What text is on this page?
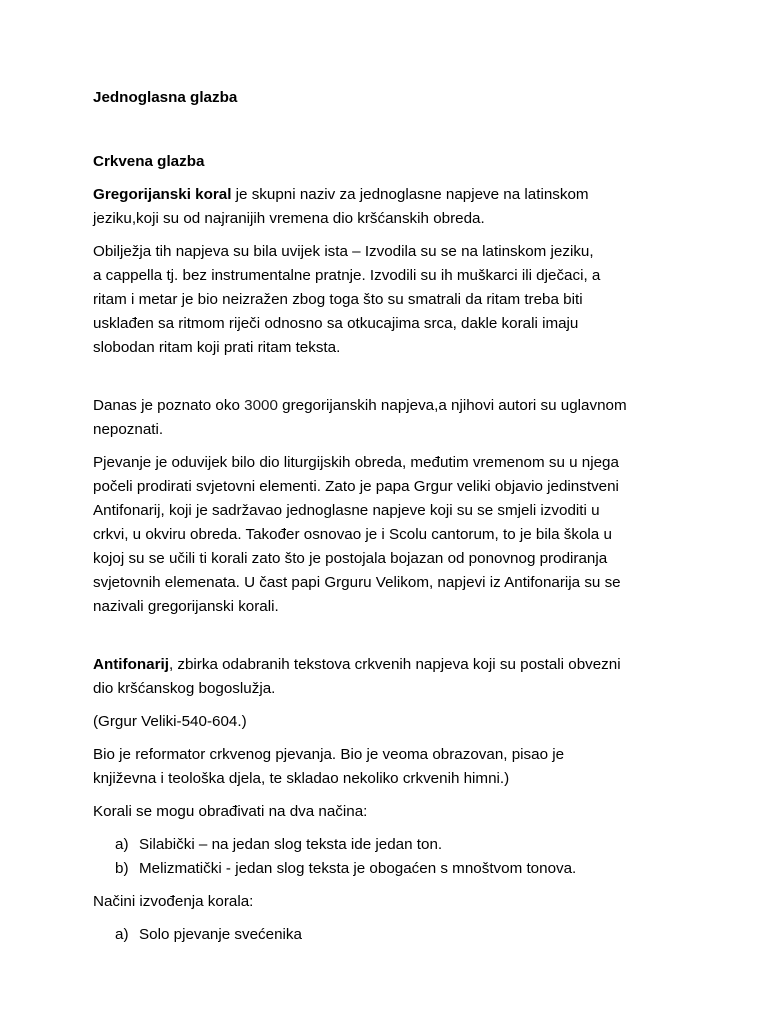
Jednoglasna glazba

Crkvena glazba

Gregorijanski koral je skupni naziv za jednoglasne napjeve na latinskom
jeziku,koji su od najranijih vremena dio kršćanskih obreda.

Obilježja tih napjeva su bila uvijek ista – Izvodila su se na latinskom jeziku,
a cappella tj. bez instrumentalne pratnje. Izvodili su ih muškarci ili dječaci, a
ritam i metar je bio neizražen zbog toga što su smatrali da ritam treba biti
usklađen sa ritmom riječi odnosno sa otkucajima srca, dakle korali imaju
slobodan ritam koji prati ritam teksta.

Danas je poznato oko 3000 gregorijanskih napjeva,a njihovi autori su uglavnom
nepoznati.

Pjevanje je oduvijek bilo dio liturgijskih obreda, međutim vremenom su u njega
počeli prodirati svjetovni elementi. Zato je papa Grgur veliki objavio jedinstveni
Antifonarij, koji je sadržavao jednoglasne napjeve koji su se smjeli izvoditi u
crkvi, u okviru obreda. Također osnovao je i Scolu cantorum, to je bila škola u
kojoj su se učili ti korali zato što je postojala bojazan od ponovnog prodiranja
svjetovnih elemenata. U čast papi Grguru Velikom, napjevi iz Antifonarija su se
nazivali gregorijanski korali.

Antifonarij, zbirka odabranih tekstova crkvenih napjeva koji su postali obvezni
dio kršćanskog bogoslužja.

(Grgur Veliki-540-604.)

Bio je reformator crkvenog pjevanja. Bio je veoma obrazovan, pisao je
književna i teološka djela, te skladao nekoliko crkvenih himni.)

Korali se mogu obrađivati na dva načina:

a) Silabički – na jedan slog teksta ide jedan ton.
b) Melizmatički - jedan slog teksta je obogaćen s mnoštvom tonova.

Načini izvođenja korala:

a) Solo pjevanje svećenika
